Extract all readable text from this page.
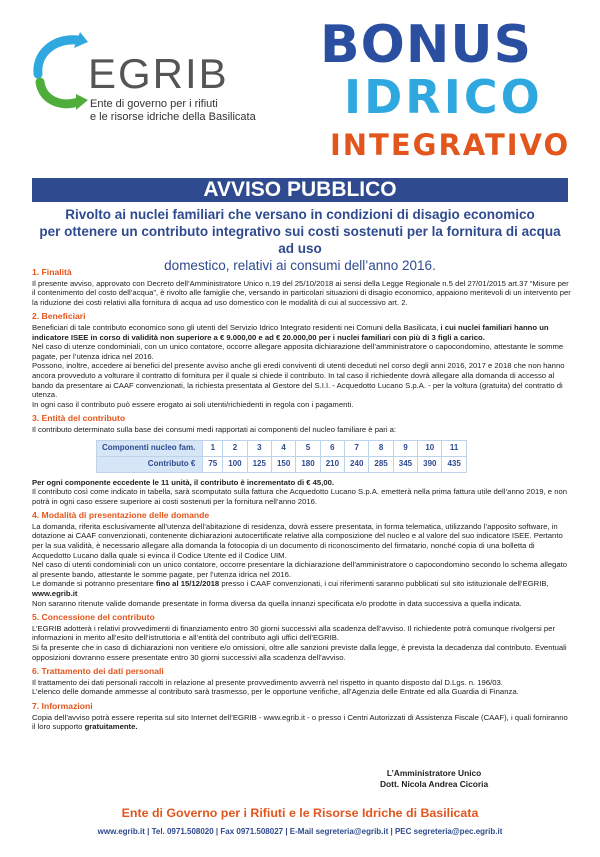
EGRIB
Ente di governo per i rifiuti
e le risorse idriche della Basilicata
BONUS
IDRICO
INTEGRATIVO
AVVISO PUBBLICO
Rivolto ai nuclei familiari che versano in condizioni di disagio economico
per ottenere un contributo integrativo sui costi sostenuti per la fornitura di acqua ad uso
domestico, relativi ai consumi dell’anno 2016.
1. Finalità

Il presente avviso, approvato con Decreto dell’Amministratore Unico n.19 del 25/10/2018 ai sensi della Legge Regionale n.5 del 27/01/2015 art.37 “Misure per il contenimento del costo dell’acqua”, è rivolto alle famiglie che, versando in particolari situazioni di disagio economico, appaiono meritevoli di un intervento per la riduzione dei costi relativi alla fornitura di acqua ad uso domestico con le modalità di cui al successivo art. 2.

2. Beneficiari

Beneficiari di tale contributo economico sono gli utenti del Servizio Idrico Integrato residenti nei Comuni della Basilicata, i cui nuclei familiari hanno un indicatore ISEE in corso di validità non superiore a € 9.000,00 e ad € 20.000,00 per i nuclei familiari con più di 3 figli a carico.

Nel caso di utenze condominiali, con un unico contatore, occorre allegare apposita dichiarazione dell’amministratore o capocondomino, attestante le somme pagate, per l’utenza idrica nel 2016.

Possono, inoltre, accedere ai benefici del presente avviso anche gli eredi conviventi di utenti deceduti nel corso degli anni 2016, 2017 e 2018 che non hanno ancora provveduto a volturare il contratto di fornitura per il quale si chiede il contributo. In tal caso il richiedente dovrà allegare alla domanda di accesso al bando da presentare ai CAAF convenzionati, la richiesta presentata al Gestore del S.I.I. - Acquedotto Lucano S.p.A. - per la voltura (gratuita) del contratto di utenza.

In ogni caso il contributo può essere erogato ai soli utenti/richiedenti in regola con i pagamenti.

3. Entità del contributo

Il contributo determinato sulla base dei consumi medi rapportati ai componenti del nucleo familiare è pari a:

Componenti nucleo fam.	1	2	3	4	5	6	7	8	9	10	11
Contributo €	75	100	125	150	180	210	240	285	345	390	435

Per ogni componente eccedente le 11 unità, il contributo è incrementato di € 45,00.

Il contributo così come indicato in tabella, sarà scomputato sulla fattura che Acquedotto Lucano S.p.A. emetterà nella prima fattura utile dell’anno 2019, e non potrà in ogni caso essere superiore ai costi sostenuti per la fornitura nell’anno 2016.

4. Modalità di presentazione delle domande

La domanda, riferita esclusivamente all’utenza dell’abitazione di residenza, dovrà essere presentata, in forma telematica, utilizzando l’apposito software, in dotazione ai CAAF convenzionati, contenente dichiarazioni autocertificate relative alla composizione del nucleo e al valore del suo indicatore ISEE. Pertanto per la sua validità, è necessario allegare alla domanda la fotocopia di un documento di riconoscimento del firmatario, nonché copia di una bolletta di Acquedotto Lucano dalla quale si evinca il Codice Utente ed il Codice UIM.

Nel caso di utenti condominiali con un unico contatore, occorre presentare la dichiarazione dell’amministratore o capocondomino secondo lo schema allegato al presente bando, attestante le somme pagate, per l’utenza idrica nel 2016.

Le domande si potranno presentare fino al 15/12/2018 presso i CAAF convenzionati, i cui riferimenti saranno pubblicati sul sito istituzionale dell’EGRIB, www.egrib.it

Non saranno ritenute valide domande presentate in forma diversa da quella innanzi specificata e/o prodotte in data successiva a quella indicata.

5. Concessione del contributo

L’EGRIB adotterà i relativi provvedimenti di finanziamento entro 30 giorni successivi alla scadenza dell’avviso. Il richiedente potrà comunque rivolgersi per informazioni in merito all’esito dell’istruttoria e all’entità del contributo agli uffici dell’EGRIB.

Si fa presente che in caso di dichiarazioni non veritiere e/o omissioni, oltre alle sanzioni previste dalla legge, è prevista la decadenza dal contributo. Eventuali opposizioni dovranno essere presentate entro 30 giorni successivi alla scadenza dell’avviso.

6. Trattamento dei dati personali

Il trattamento dei dati personali raccolti in relazione al presente provvedimento avverrà nel rispetto in quanto disposto dal D.Lgs. n. 196/03.

L’elenco delle domande ammesse al contributo sarà trasmesso, per le opportune verifiche, all’Agenzia delle Entrate ed alla Guardia di Finanza.

7. Informazioni

Copia dell’avviso potrà essere reperita sul sito Internet dell’EGRIB - www.egrib.it - o presso i Centri Autorizzati di Assistenza Fiscale (CAAF), i quali forniranno il loro supporto gratuitamente.

L’Amministratore Unico
Dott. Nicola Andrea Cicoria
Ente di Governo per i Rifiuti e le Risorse Idriche di Basilicata
www.egrib.it | Tel. 0971.508020 | Fax 0971.508027 | E-Mail segreteria@egrib.it | PEC segreteria@pec.egrib.it
